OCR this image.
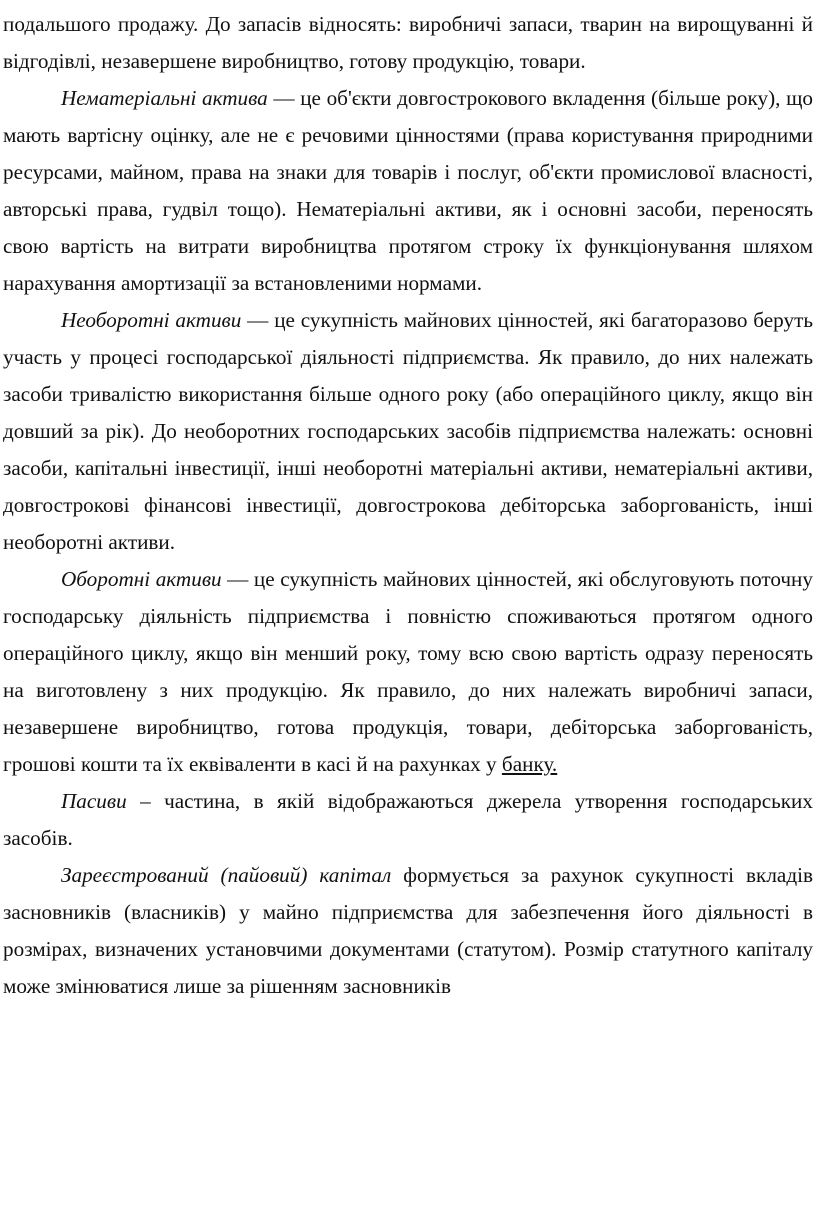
подальшого продажу. До запасів відносять: виробничі запаси, тварин на вирощуванні й відгодівлі, незавершене виробництво, готову продукцію, товари.

Нематеріальні актива — це об'єкти довгострокового вкладення (більше року), що мають вартісну оцінку, але не є речовими цінностями (права користування природними ресурсами, майном, права на знаки для товарів і послуг, об'єкти промислової власності, авторські права, гудвіл тощо). Нематеріальні активи, як і основні засоби, переносять свою вартість на витрати виробництва протягом строку їх функціонування шляхом нарахування амортизації за встановленими нормами.

Необоротні активи — це сукупність майнових цінностей, які багаторазово беруть участь у процесі господарської діяльності підприємства. Як правило, до них належать засоби тривалістю використання більше одного року (або операційного циклу, якщо він довший за рік). До необоротних господарських засобів підприємства належать: основні засоби, капітальні інвестиції, інші необоротні матеріальні активи, нематеріальні активи, довгострокові фінансові інвестиції, довгострокова дебіторська заборгованість, інші необоротні активи.

Оборотні активи — це сукупність майнових цінностей, які обслуговують поточну господарську діяльність підприємства і повністю споживаються протягом одного операційного циклу, якщо він менший року, тому всю свою вартість одразу переносять на виготовлену з них продукцію. Як правило, до них належать виробничі запаси, незавершене виробництво, готова продукція, товари, дебіторська заборгованість, грошові кошти та їх еквіваленти в касі й на рахунках у банку.

Пасиви – частина, в якій відображаються джерела утворення господарських засобів.

Зареєстрований (пайовий) капітал формується за рахунок сукупності вкладів засновників (власників) у майно підприємства для забезпечення його діяльності в розмірах, визначених установчими документами (статутом). Розмір статутного капіталу може змінюватися лише за рішенням засновників
